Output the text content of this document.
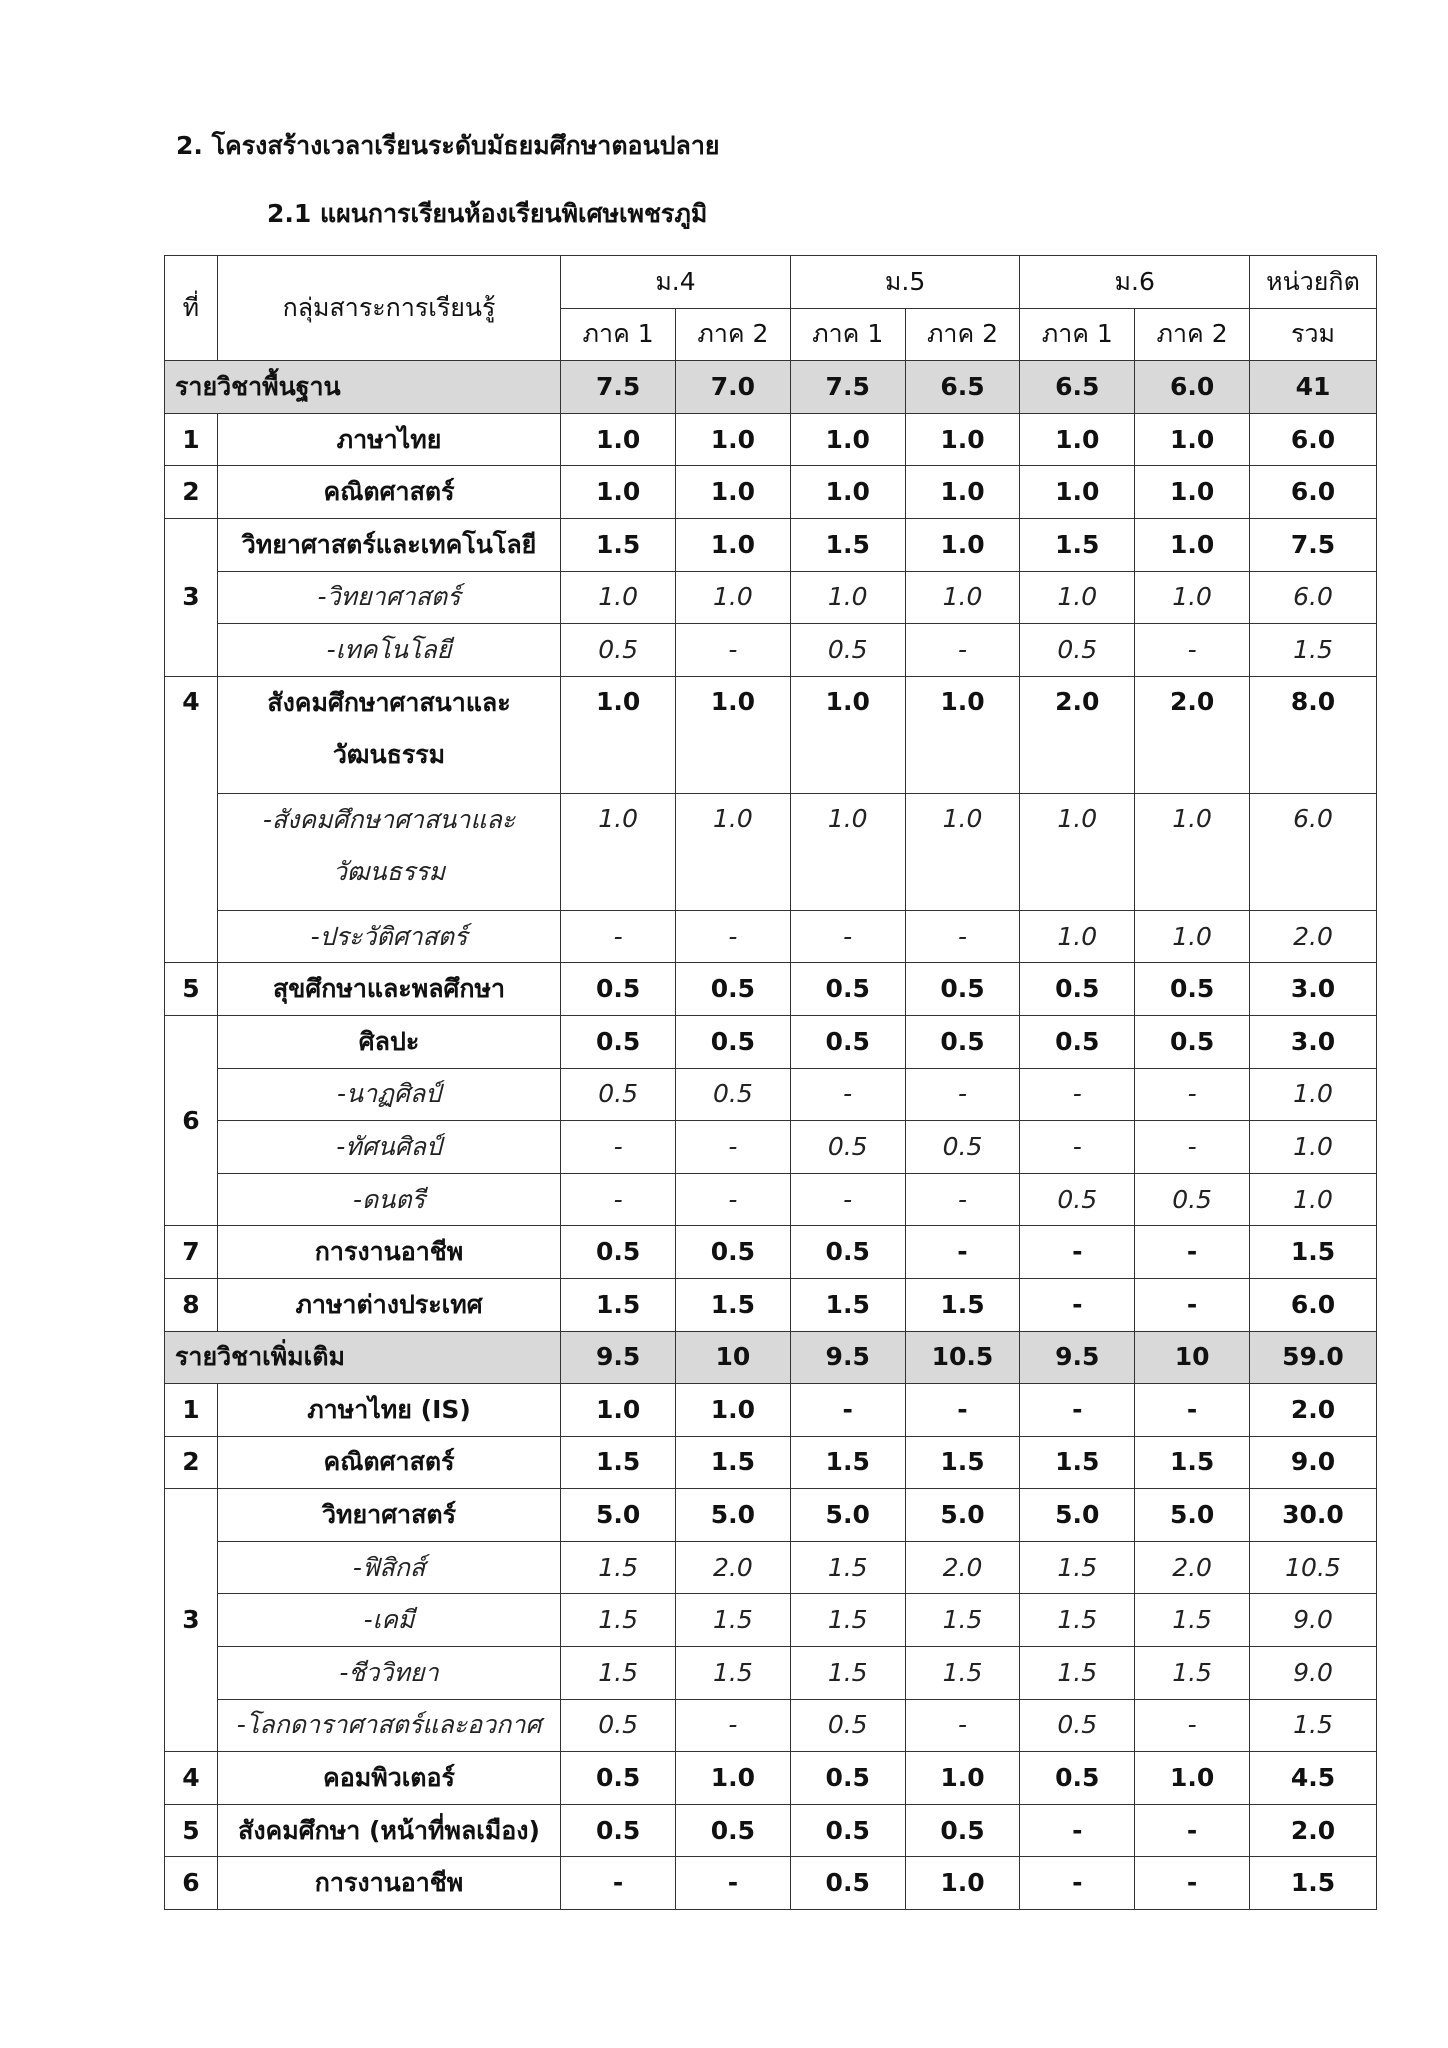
2. โครงสร้างเวลาเรียนระดับมัธยมศึกษาตอนปลาย
2.1 แผนการเรียนห้องเรียนพิเศษเพชรภูมิ
ที่	กลุ่มสาระการเรียนรู้	ม.4		ม.5		ม.6		หน่วยกิต
		ภาค 1	ภาค 2	ภาค 1	ภาค 2	ภาค 1	ภาค 2	รวม
รายวิชาพื้นฐาน		7.5	7.0	7.5	6.5	6.5	6.0	41
1	ภาษาไทย	1.0	1.0	1.0	1.0	1.0	1.0	6.0
2	คณิตศาสตร์	1.0	1.0	1.0	1.0	1.0	1.0	6.0
3	วิทยาศาสตร์และเทคโนโลยี	1.5	1.0	1.5	1.0	1.5	1.0	7.5

	-วิทยาศาสตร์	1.0	1.0	1.0	1.0	1.0	1.0	6.0

	-เทคโนโลยี	0.5	-	0.5	-	0.5	-	1.5
4	สังคมศึกษาศาสนาและ
วัฒนธรรม	1.0	1.0	1.0	1.0	2.0	2.0	8.0

	-สังคมศึกษาศาสนาและ
วัฒนธรรม	1.0	1.0	1.0	1.0	1.0	1.0	6.0

	-ประวัติศาสตร์	-	-	-	-	1.0	1.0	2.0
5	สุขศึกษาและพลศึกษา	0.5	0.5	0.5	0.5	0.5	0.5	3.0
6	ศิลปะ	0.5	0.5	0.5	0.5	0.5	0.5	3.0

	-นาฏศิลป์	0.5	0.5	-	-	-	-	1.0

	-ทัศนศิลป์	-	-	0.5	0.5	-	-	1.0

	-ดนตรี	-	-	-	-	0.5	0.5	1.0
7	การงานอาชีพ	0.5	0.5	0.5	-	-	-	1.5
8	ภาษาต่างประเทศ	1.5	1.5	1.5	1.5	-	-	6.0
รายวิชาเพิ่มเติม		9.5	10	9.5	10.5	9.5	10	59.0
1	ภาษาไทย (IS)	1.0	1.0	-	-	-	-	2.0
2	คณิตศาสตร์	1.5	1.5	1.5	1.5	1.5	1.5	9.0
3	วิทยาศาสตร์	5.0	5.0	5.0	5.0	5.0	5.0	30.0

	-ฟิสิกส์	1.5	2.0	1.5	2.0	1.5	2.0	10.5

	-เคมี	1.5	1.5	1.5	1.5	1.5	1.5	9.0

	-ชีววิทยา	1.5	1.5	1.5	1.5	1.5	1.5	9.0

	-โลกดาราศาสตร์และอวกาศ	0.5	-	0.5	-	0.5	-	1.5
4	คอมพิวเตอร์	0.5	1.0	0.5	1.0	0.5	1.0	4.5
5	สังคมศึกษา (หน้าที่พลเมือง)	0.5	0.5	0.5	0.5	-	-	2.0
6	การงานอาชีพ	-	-	0.5	1.0	-	-	1.5
